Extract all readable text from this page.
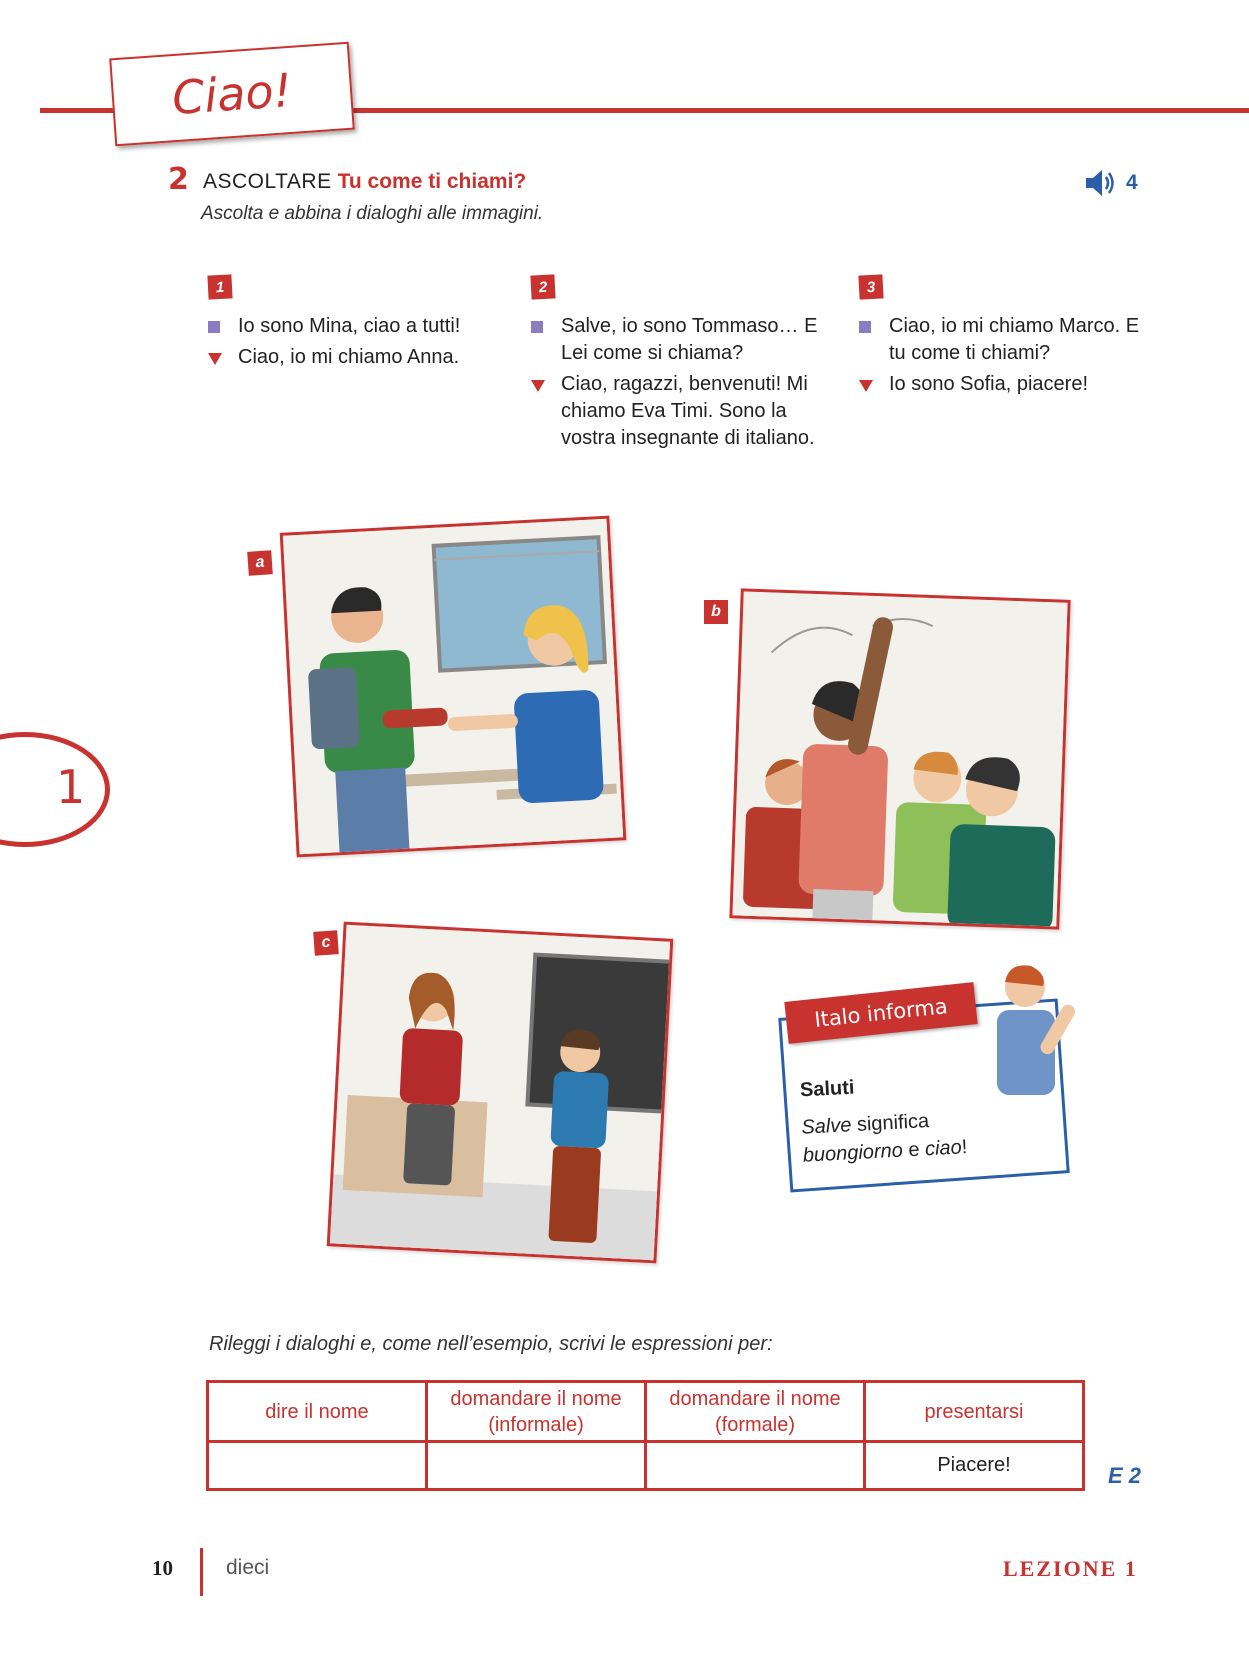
Ciao!
2 ASCOLTARE Tu come ti chiami?
Ascolta e abbina i dialoghi alle immagini.
4
1
Io sono Mina, ciao a tutti!
Ciao, io mi chiamo Anna.
2
Salve, io sono Tommaso… E Lei come si chiama?
Ciao, ragazzi, benvenuti! Mi chiamo Eva Timi. Sono la vostra insegnante di italiano.
3
Ciao, io mi chiamo Marco. E tu come ti chiami?
Io sono Sofia, piacere!
1
a
b
c
Italo informa
Saluti
Salve significa
buongiorno e ciao!
Rileggi i dialoghi e, come nell’esempio, scrivi le espressioni per:
dire il nome	domandare il nome (informale)	domandare il nome (formale)	presentarsi
			Piacere!	E 2
10	dieci	LEZIONE 1
